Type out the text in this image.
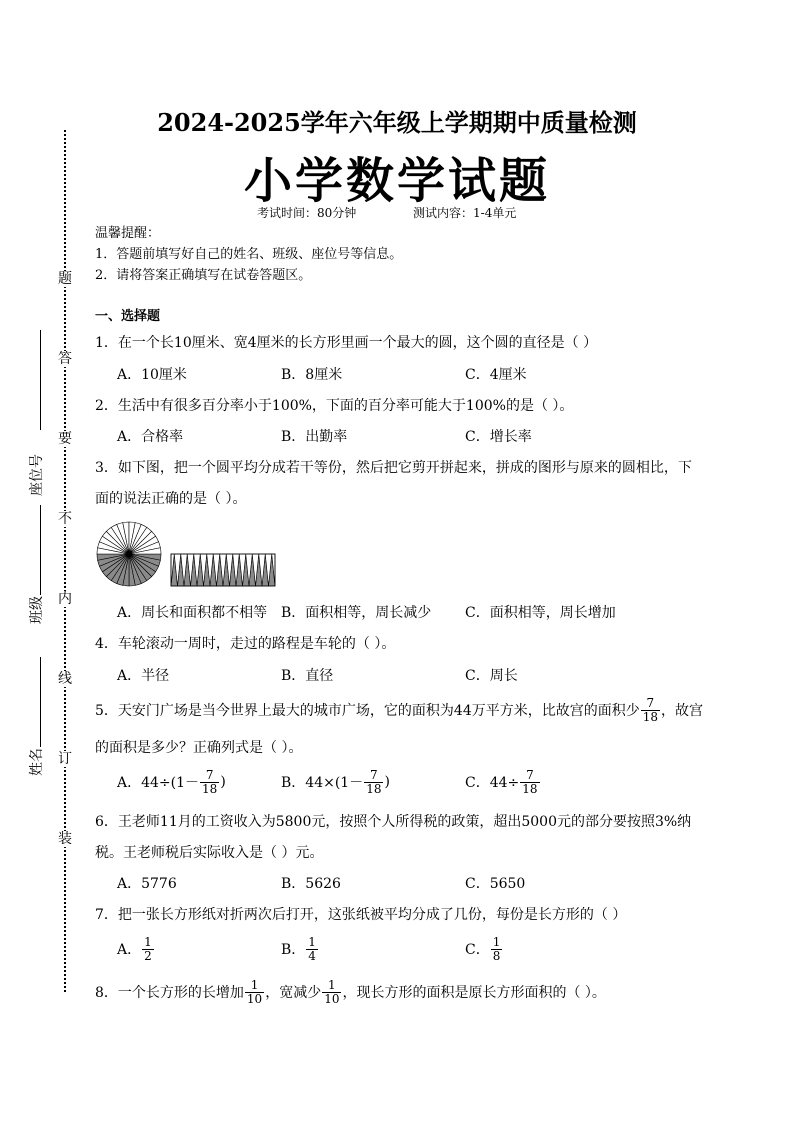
题
答
要
不
内
线
订
装
座位号
班级
姓名
2024-2025学年六年级上学期期中质量检测
小学数学试题
考试时间：80分钟	测试内容：1-4单元
温馨提醒：
1．答题前填写好自己的姓名、班级、座位号等信息。
2．请将答案正确填写在试卷答题区。
一、选择题
1．在一个长10厘米、宽4厘米的长方形里画一个最大的圆，这个圆的直径是（ ）
A．10厘米	B．8厘米	C．4厘米
2．生活中有很多百分率小于100%，下面的百分率可能大于100%的是（ ）。
A．合格率	B．出勤率	C．增长率
3．如下图，把一个圆平均分成若干等份，然后把它剪开拼起来，拼成的图形与原来的圆相比，下
面的说法正确的是（ ）。
A．周长和面积都不相等 B．面积相等，周长减少 C．面积相等，周长增加
4．车轮滚动一周时，走过的路程是车轮的（ ）。
A．半径	B．直径	C．周长
5．天安门广场是当今世界上最大的城市广场，它的面积为44万平方米，比故宫的面积少 $\frac{7}{18}$ ，故宫
的面积是多少？正确列式是（ ）。
A．$44\div(1- \frac{7}{18}$ )	B．$44\times(1- \frac{7}{18}$ )	C．$44\div \frac{7}{18}$
6．王老师11月的工资收入为5800元，按照个人所得税的政策，超出5000元的部分要按照3%纳
税。王老师税后实际收入是（ ）元。
A．5776	B．5626	C．5650
7．把一张长方形纸对折两次后打开，这张纸被平均分成了几份，每份是长方形的（ ）
A． $\frac{1}{2}$	B． $\frac{1}{4}$	C． $\frac{1}{8}$
8．一个长方形的长增加 $\frac{1}{10}$ ，宽减少 $\frac{1}{10}$ ，现长方形的面积是原长方形面积的（ ）。
